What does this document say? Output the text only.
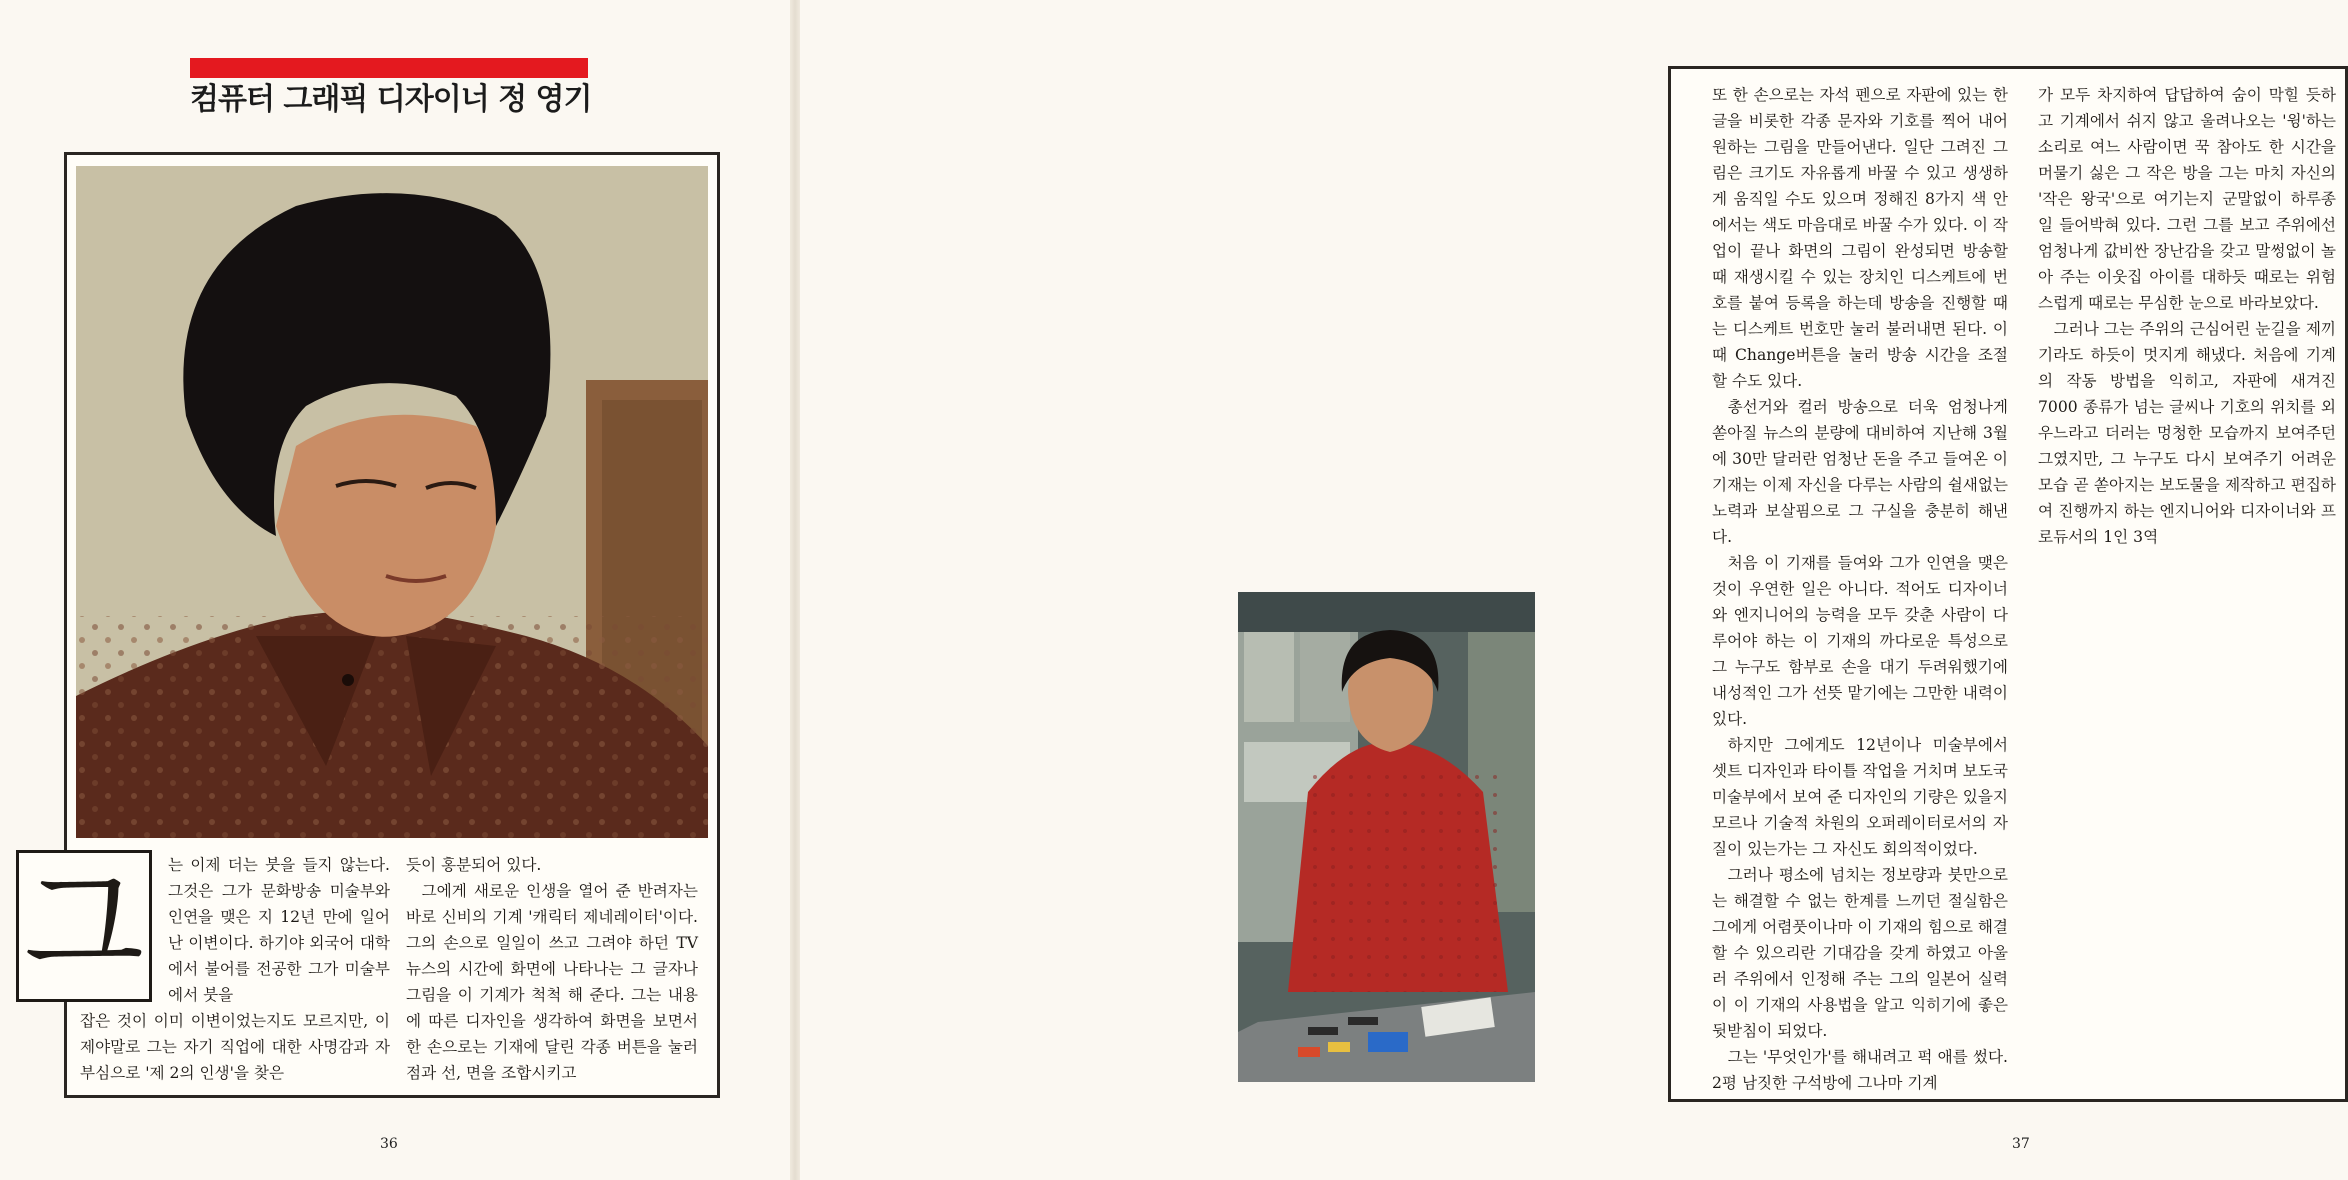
컴퓨터 그래픽 디자이너 정 영기
그 는 이제 더는 붓을 들지 않는다. 그것은 그가 문화방송 미술부와 인연을 맺은 지 12년 만에 일어난 이변이다. 하기야 외국어 대학에서 불어를 전공한 그가 미술부에서 붓을

잡은 것이 이미 이변이었는지도 모르지만, 이제야말로 그는 자기 직업에 대한 사명감과 자부심으로 '제 2의 인생'을 찾은

듯이 홍분되어 있다.

그에게 새로운 인생을 열어 준 반려자는 바로 신비의 기계 '캐릭터 제네레이터'이다. 그의 손으로 일일이 쓰고 그려야 하던 TV 뉴스의 시간에 화면에 나타나는 그 글자나 그림을 이 기계가 척척 해 준다. 그는 내용에 따른 디자인을 생각하여 화면을 보면서 한 손으로는 기재에 달린 각종 버튼을 눌러 점과 선, 면을 조합시키고

36

또 한 손으로는 자석 펜으로 자판에 있는 한글을 비롯한 각종 문자와 기호를 찍어 내어 원하는 그림을 만들어낸다. 일단 그려진 그림은 크기도 자유롭게 바꿀 수 있고 생생하게 움직일 수도 있으며 정해진 8가지 색 안에서는 색도 마음대로 바꿀 수가 있다. 이 작업이 끝나 화면의 그림이 완성되면 방송할 때 재생시킬 수 있는 장치인 디스케트에 번호를 붙여 등록을 하는데 방송을 진행할 때는 디스케트 번호만 눌러 불러내면 된다. 이때 Change버튼을 눌러 방송 시간을 조절할 수도 있다.

총선거와 컬러 방송으로 더욱 엄청나게 쏟아질 뉴스의 분량에 대비하여 지난해 3월에 30만 달러란 엄청난 돈을 주고 들여온 이 기재는 이제 자신을 다루는 사람의 쉴새없는 노력과 보살핌으로 그 구실을 충분히 해낸다.

처음 이 기재를 들여와 그가 인연을 맺은 것이 우연한 일은 아니다. 적어도 디자이너와 엔지니어의 능력을 모두 갖춘 사람이 다루어야 하는 이 기재의 까다로운 특성으로 그 누구도 함부로 손을 대기 두려워했기에 내성적인 그가 선뜻 맡기에는 그만한 내력이 있다.

하지만 그에게도 12년이나 미술부에서 셋트 디자인과 타이틀 작업을 거치며 보도국 미술부에서 보여 준 디자인의 기량은 있을지 모르나 기술적 차원의 오퍼레이터로서의 자질이 있는가는 그 자신도 회의적이었다.

그러나 평소에 넘치는 정보량과 붓만으로는 해결할 수 없는 한계를 느끼던 절실함은 그에게 어렴풋이나마 이 기재의 힘으로 해결할 수 있으리란 기대감을 갖게 하였고 아울러 주위에서 인정해 주는 그의 일본어 실력이 이 기재의 사용법을 알고 익히기에 좋은 뒷받침이 되었다.

그는 '무엇인가'를 해내려고 퍽 애를 썼다. 2평 남짓한 구석방에 그나마 기계

가 모두 차지하여 답답하여 숨이 막힐 듯하고 기계에서 쉬지 않고 울려나오는 '윙'하는 소리로 여느 사람이면 꾹 참아도 한 시간을 머물기 싫은 그 작은 방을 그는 마치 자신의 '작은 왕국'으로 여기는지 군말없이 하루종일 들어박혀 있다. 그런 그를 보고 주위에선 엄청나게 값비싼 장난감을 갖고 말썽없이 놀아 주는 이웃집 아이를 대하듯 때로는 위험스럽게 때로는 무심한 눈으로 바라보았다.

그러나 그는 주위의 근심어린 눈길을 제끼기라도 하듯이 멋지게 해냈다. 처음에 기계의 작동 방법을 익히고, 자판에 새겨진 7000 종류가 넘는 글씨나 기호의 위치를 외우느라고 더러는 멍청한 모습까지 보여주던 그였지만, 그 누구도 다시 보여주기 어려운 모습 곧 쏟아지는 보도물을 제작하고 편집하여 진행까지 하는 엔지니어와 디자이너와 프로듀서의 1인 3역

37
